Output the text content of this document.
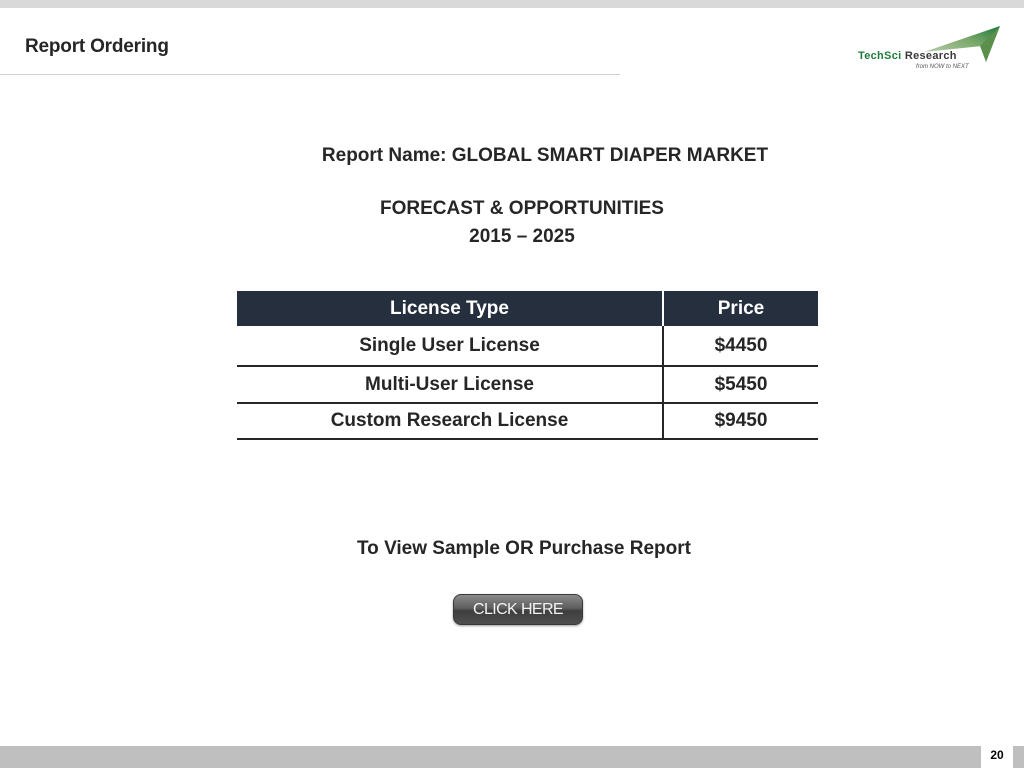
Report Ordering	TechSci Research
from NOW to NEXT
Report Name: GLOBAL SMART DIAPER MARKET
FORECAST & OPPORTUNITIES
2015 – 2025
License Type	Price
Single User License	$4450
Multi-User License	$5450
Custom Research License	$9450
To View Sample OR Purchase Report
CLICK HERE
20
